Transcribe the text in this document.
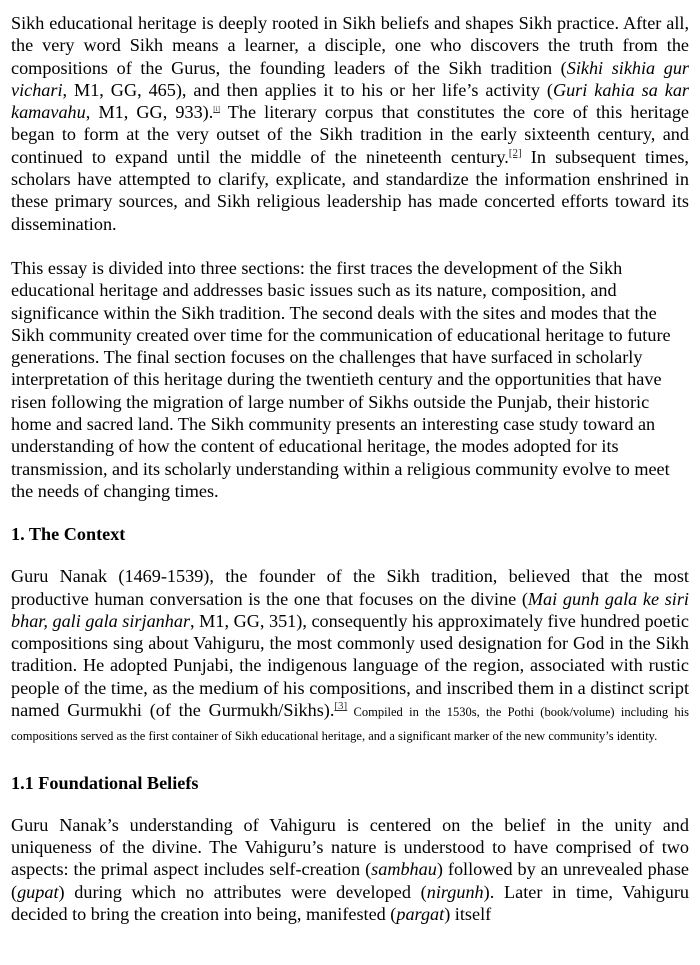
Sikh educational heritage is deeply rooted in Sikh beliefs and shapes Sikh practice. After all, the very word Sikh means a learner, a disciple, one who discovers the truth from the compositions of the Gurus, the founding leaders of the Sikh tradition (Sikhi sikhia gur vichari, M1, GG, 465), and then applies it to his or her life’s activity (Guri kahia sa kar kamavahu, M1, GG, 933).[i] The literary corpus that constitutes the core of this heritage began to form at the very outset of the Sikh tradition in the early sixteenth century, and continued to expand until the middle of the nineteenth century.[2] In subsequent times, scholars have attempted to clarify, explicate, and standardize the information enshrined in these primary sources, and Sikh religious leadership has made concerted efforts toward its dissemination.

This essay is divided into three sections: the first traces the development of the Sikh educational heritage and addresses basic issues such as its nature, composition, and significance within the Sikh tradition. The second deals with the sites and modes that the Sikh community created over time for the communication of educational heritage to future generations. The final section focuses on the challenges that have surfaced in scholarly interpretation of this heritage during the twentieth century and the opportunities that have risen following the migration of large number of Sikhs outside the Punjab, their historic home and sacred land. The Sikh community presents an interesting case study toward an understanding of how the content of educational heritage, the modes adopted for its transmission, and its scholarly understanding within a religious community evolve to meet the needs of changing times.

1. The Context

Guru Nanak (1469-1539), the founder of the Sikh tradition, believed that the most productive human conversation is the one that focuses on the divine (Mai gunh gala ke siri bhar, gali gala sirjanhar, M1, GG, 351), consequently his approximately five hundred poetic compositions sing about Vahiguru, the most commonly used designation for God in the Sikh tradition. He adopted Punjabi, the indigenous language of the region, associated with rustic people of the time, as the medium of his compositions, and inscribed them in a distinct script named Gurmukhi (of the Gurmukh/Sikhs).[3] Compiled in the 1530s, the Pothi (book/volume) including his compositions served as the first container of Sikh educational heritage, and a significant marker of the new community’s identity.

1.1 Foundational Beliefs

Guru Nanak’s understanding of Vahiguru is centered on the belief in the unity and uniqueness of the divine. The Vahiguru’s nature is understood to have comprised of two aspects: the primal aspect includes self-creation (sambhau) followed by an unrevealed phase (gupat) during which no attributes were developed (nirgunh). Later in time, Vahiguru decided to bring the creation into being, manifested (pargat) itself
